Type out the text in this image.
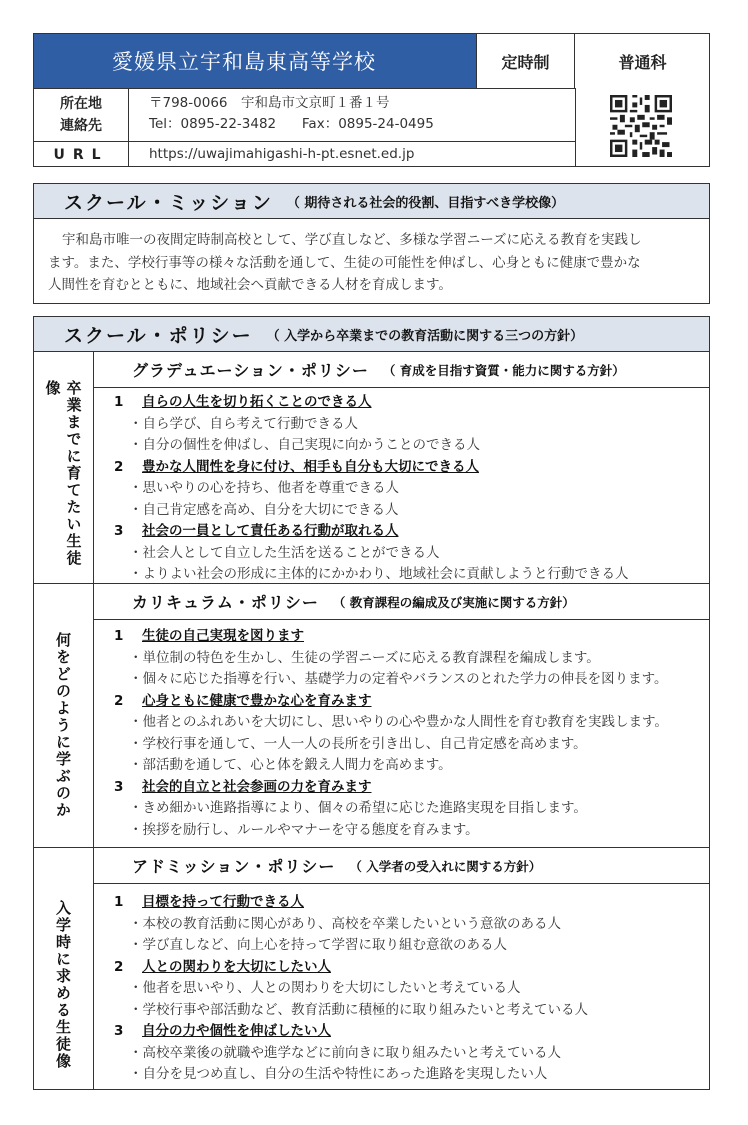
愛媛県立宇和島東高等学校	定時制	普通科
所在地
連絡先
〒798-0066　宇和島市文京町１番１号
Tel：0895-22-3482 Fax：0895-24-0495
URL	https://uwajimahigashi-h-pt.esnet.ed.jp
スクール・ミッション （ 期待される社会的役割、目指すべき学校像）
宇和島市唯一の夜間定時制高校として、学び直しなど、多様な学習ニーズに応える教育を実践し
ます。また、学校行事等の様々な活動を通して、生徒の可能性を伸ばし、心身ともに健康で豊かな
人間性を育むとともに、地域社会へ貢献できる人材を育成します。
スクール・ポリシー （ 入学から卒業までの教育活動に関する三つの方針）
卒業までに育てたい生徒像
グラデュエーション・ポリシー （ 育成を目指す資質・能力に関する方針）
1 自らの人生を切り拓くことのできる人
・自ら学び、自ら考えて行動できる人
・自分の個性を伸ばし、自己実現に向かうことのできる人
2 豊かな人間性を身に付け、相手も自分も大切にできる人
・思いやりの心を持ち、他者を尊重できる人
・自己肯定感を高め、自分を大切にできる人
3 社会の一員として責任ある行動が取れる人
・社会人として自立した生活を送ることができる人
・よりよい社会の形成に主体的にかかわり、地域社会に貢献しようと行動できる人
何をどのように学ぶのか
カリキュラム・ポリシー （ 教育課程の編成及び実施に関する方針）
1 生徒の自己実現を図ります
・単位制の特色を生かし、生徒の学習ニーズに応える教育課程を編成します。
・個々に応じた指導を行い、基礎学力の定着やバランスのとれた学力の伸長を図ります。
2 心身ともに健康で豊かな心を育みます
・他者とのふれあいを大切にし、思いやりの心や豊かな人間性を育む教育を実践します。
・学校行事を通して、一人一人の長所を引き出し、自己肯定感を高めます。
・部活動を通して、心と体を鍛え人間力を高めます。
3 社会的自立と社会参画の力を育みます
・きめ細かい進路指導により、個々の希望に応じた進路実現を目指します。
・挨拶を励行し、ルールやマナーを守る態度を育みます。
入学時に求める生徒像
アドミッション・ポリシー （ 入学者の受入れに関する方針）
1 目標を持って行動できる人
・本校の教育活動に関心があり、高校を卒業したいという意欲のある人
・学び直しなど、向上心を持って学習に取り組む意欲のある人
2 人との関わりを大切にしたい人
・他者を思いやり、人との関わりを大切にしたいと考えている人
・学校行事や部活動など、教育活動に積極的に取り組みたいと考えている人
3 自分の力や個性を伸ばしたい人
・高校卒業後の就職や進学などに前向きに取り組みたいと考えている人
・自分を見つめ直し、自分の生活や特性にあった進路を実現したい人
